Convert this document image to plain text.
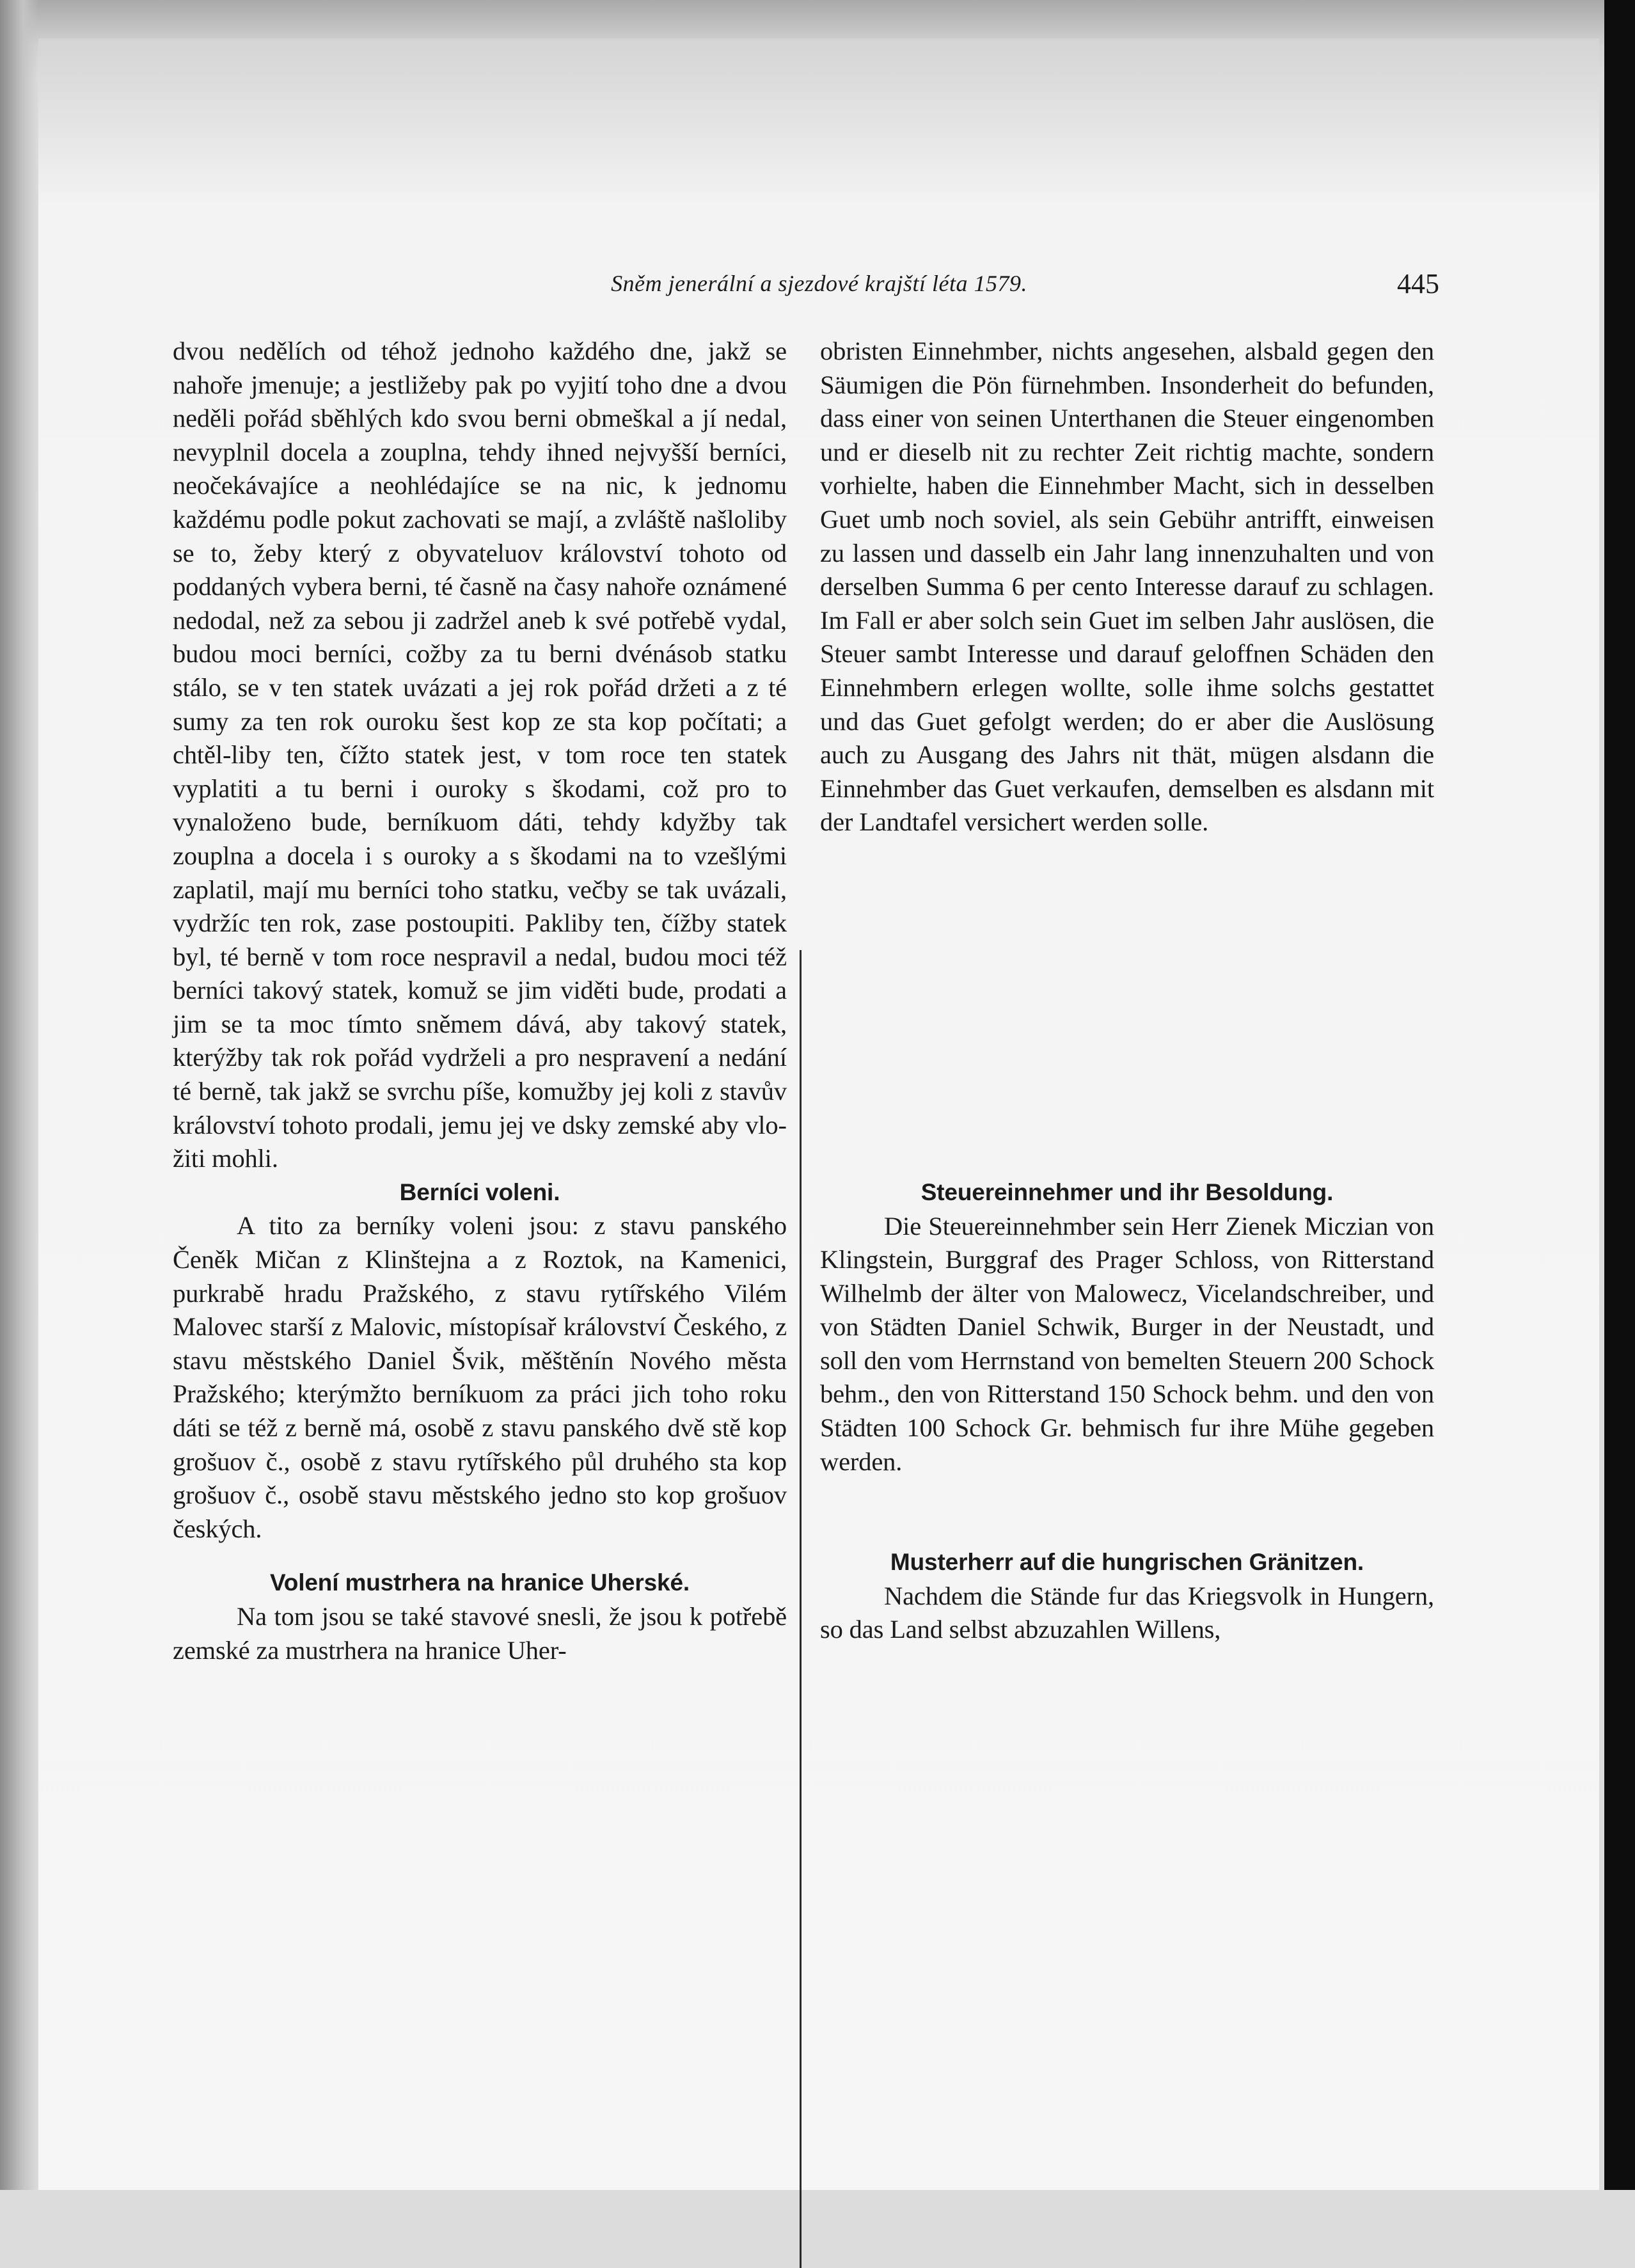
Sněm jenerální a sjezdové krajští léta 1579.	445

dvou nedělích od téhož jednoho každého dne, jakž se nahoře jmenuje; a jestližeby pak po vyjití toho dne a dvou neděli pořád sběhlých kdo svou berni obmeškal a jí nedal, nevyplnil docela a zouplna, tehdy ihned nejvyšší berníci, neočekávajíce a neohlédajíce se na nic, k jednomu každému podle pokut zachovati se mají, a zvláště našloliby se to, žeby který z obyvateluov království tohoto od poddaných vybera berni, té časně na časy nahoře oznámené nedodal, než za sebou ji zadržel aneb k své potřebě vydal, budou moci berníci, cožby za tu berni dvénásob statku stálo, se v ten statek uvázati a jej rok pořád držeti a z té sumy za ten rok ouroku šest kop ze sta kop počítati; a chtěl-liby ten, čížto statek jest, v tom roce ten statek vyplatiti a tu berni i ouroky s škodami, což pro to vynaloženo bude, berníkuom dáti, tehdy kdyžby tak zouplna a docela i s ouroky a s škodami na to vzešlými zaplatil, mají mu berníci toho statku, večby se tak uvázali, vydržíc ten rok, zase postoupiti. Pakliby ten, čížby statek byl, té berně v tom roce nespravil a nedal, budou moci též berníci takový statek, komuž se jim viděti bude, prodati a jim se ta moc tímto sněmem dává, aby takový statek, kterýžby tak rok pořád vydrželi a pro nespravení a nedání té berně, tak jakž se svrchu píše, komužby jej koli z stavův království tohoto prodali, jemu jej ve dsky zemské aby vložiti mohli.

Berníci voleni.

A tito za berníky voleni jsou: z stavu panského Čeněk Mičan z Klinštejna a z Roztok, na Kamenici, purkrabě hradu Pražského, z stavu rytířského Vilém Malovec starší z Malovic, místopísař království Českého, z stavu městského Daniel Švik, měštěnín Nového města Pražského; kterýmžto berníkuom za práci jich toho roku dáti se též z berně má, osobě z stavu panského dvě stě kop grošuov č., osobě z stavu rytířského půl druhého sta kop grošuov č., osobě stavu městského jedno sto kop grošuov českých.

Volení mustrhera na hranice Uherské.

Na tom jsou se také stavové snesli, že jsou k potřebě zemské za mustrhera na hranice Uher-

obristen Einnehmber, nichts angesehen, alsbald gegen den Säumigen die Pön fürnehmben. Insonderheit do befunden, dass einer von seinen Unterthanen die Steuer eingenomben und er dieselb nit zu rechter Zeit richtig machte, sondern vorhielte, haben die Einnehmber Macht, sich in desselben Guet umb noch soviel, als sein Gebühr antrifft, einweisen zu lassen und dasselb ein Jahr lang innenzuhalten und von derselben Summa 6 per cento Interesse darauf zu schlagen. Im Fall er aber solch sein Guet im selben Jahr auslösen, die Steuer sambt Interesse und darauf geloffnen Schäden den Einnehmbern erlegen wollte, solle ihme solchs gestattet und das Guet gefolgt werden; do er aber die Auslösung auch zu Ausgang des Jahrs nit thät, mügen alsdann die Einnehmber das Guet verkaufen, demselben es alsdann mit der Landtafel versichert werden solle.

Steuereinnehmer und ihr Besoldung.

Die Steuereinnehmber sein Herr Zienek Miczian von Klingstein, Burggraf des Prager Schloss, von Ritterstand Wilhelmb der älter von Malowecz, Vicelandschreiber, und von Städten Daniel Schwik, Burger in der Neustadt, und soll den vom Herrnstand von bemelten Steuern 200 Schock behm., den von Ritterstand 150 Schock behm. und den von Städten 100 Schock Gr. behmisch fur ihre Mühe gegeben werden.

Musterherr auf die hungrischen Gränitzen.

Nachdem die Stände fur das Kriegsvolk in Hungern, so das Land selbst abzuzahlen Willens,
